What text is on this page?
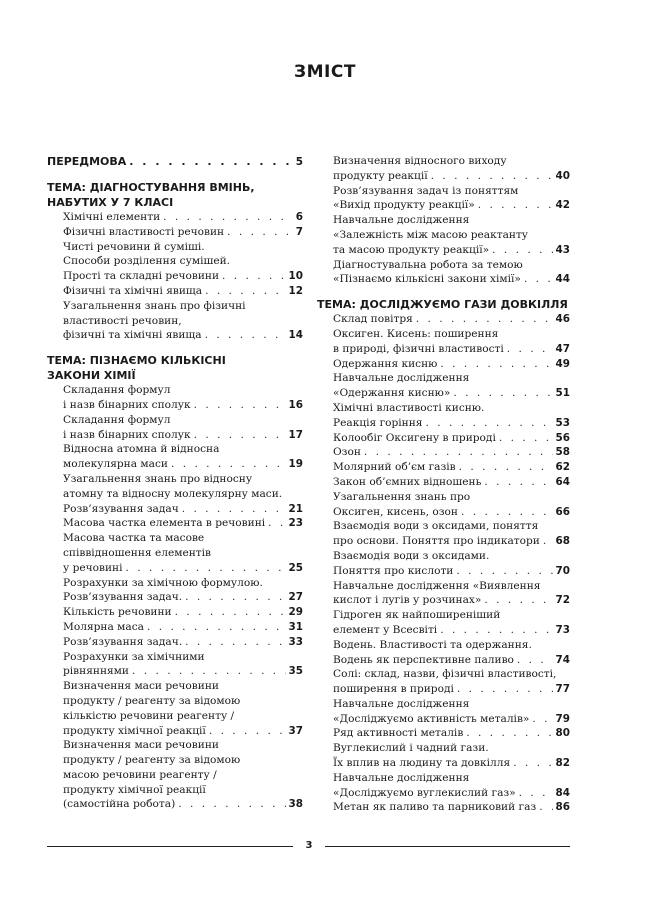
ЗМІСТ
ПЕРЕДМОВА . . .	5
ТЕМА: ДІАГНОСТУВАННЯ ВМІНЬ,
НАБУТИХ У 7 КЛАСІ
Хімічні елементи . . .	6
Фізичні властивості речовин . . .	7
Чисті речовини й суміші.
Способи розділення сумішей.
Прості та складні речовини . . .	10
Фізичні та хімічні явища . . .	12
Узагальнення знань про фізичні
властивості речовин,
фізичні та хімічні явища . . .	14
ТЕМА: ПІЗНАЄМО КІЛЬКІСНІ
ЗАКОНИ ХІМІЇ
Складання формул
і назв бінарних сполук . . .	16
Складання формул
і назв бінарних сполук . . .	17
Відносна атомна й відносна
молекулярна маси . . .	19
Узагальнення знань про відносну
атомну та відносну молекулярну маси.
Розв’язування задач . . .	21
Масова частка елемента в речовині . . . 23
Масова частка та масове
співвідношення елементів
у речовині . . .	25
Розрахунки за хімічною формулою.
Розв’язування задач. . . .	27
Кількість речовини . . .	29
Молярна маса . . .	31
Розв’язування задач. . . .	33
Розрахунки за хімічними
рівняннями . . .	35
Визначення маси речовини
продукту / реагенту за відомою
кількістю речовини реагенту /
продукту хімічної реакції . . .	37
Визначення маси речовини
продукту / реагенту за відомою
масою речовини реагенту /
продукту хімічної реакції
(самостійна робота) . . .	38
Визначення відносного виходу
продукту реакції . . .	40
Розв’язування задач із поняттям
«Вихід продукту реакції» . . .	42
Навчальне дослідження
«Залежність між масою реактанту
та масою продукту реакції» . . .	43
Діагностувальна робота за темою
«Пізнаємо кількісні закони хімії» . . .	44
ТЕМА: ДОСЛІДЖУЄМО ГАЗИ ДОВКІЛЛЯ
Склад повітря . . .	46
Оксиген. Кисень: поширення
в природі, фізичні властивості . . .	47
Одержання кисню . . .	49
Навчальне дослідження
«Одержання кисню» . . .	51
Хімічні властивості кисню.
Реакція горіння . . .	53
Колообіг Оксигену в природі . . .	56
Озон . . .	58
Молярний об’єм газів . . .	62
Закон об’ємних відношень . . .	64
Узагальнення знань про
Оксиген, кисень, озон . . .	66
Взаємодія води з оксидами, поняття
про основи. Поняття про індикатори . . . 68
Взаємодія води з оксидами.
Поняття про кислоти . . .	70
Навчальне дослідження «Виявлення
кислот і лугів у розчинах» . . .	72
Гідроген як найпоширеніший
елемент у Всесвіті . . .	73
Водень. Властивості та одержання.
Водень як перспективне паливо . . .	74
Солі: склад, назви, фізичні властивості,
поширення в природі . . .	77
Навчальне дослідження
«Досліджуємо активність металів» . . .	79
Ряд активності металів . . .	80
Вуглекислий і чадний гази.
Їх вплив на людину та довкілля . . .	82
Навчальне дослідження
«Досліджуємо вуглекислий газ» . . .	84
Метан як паливо та парниковий газ . . . 86
3
